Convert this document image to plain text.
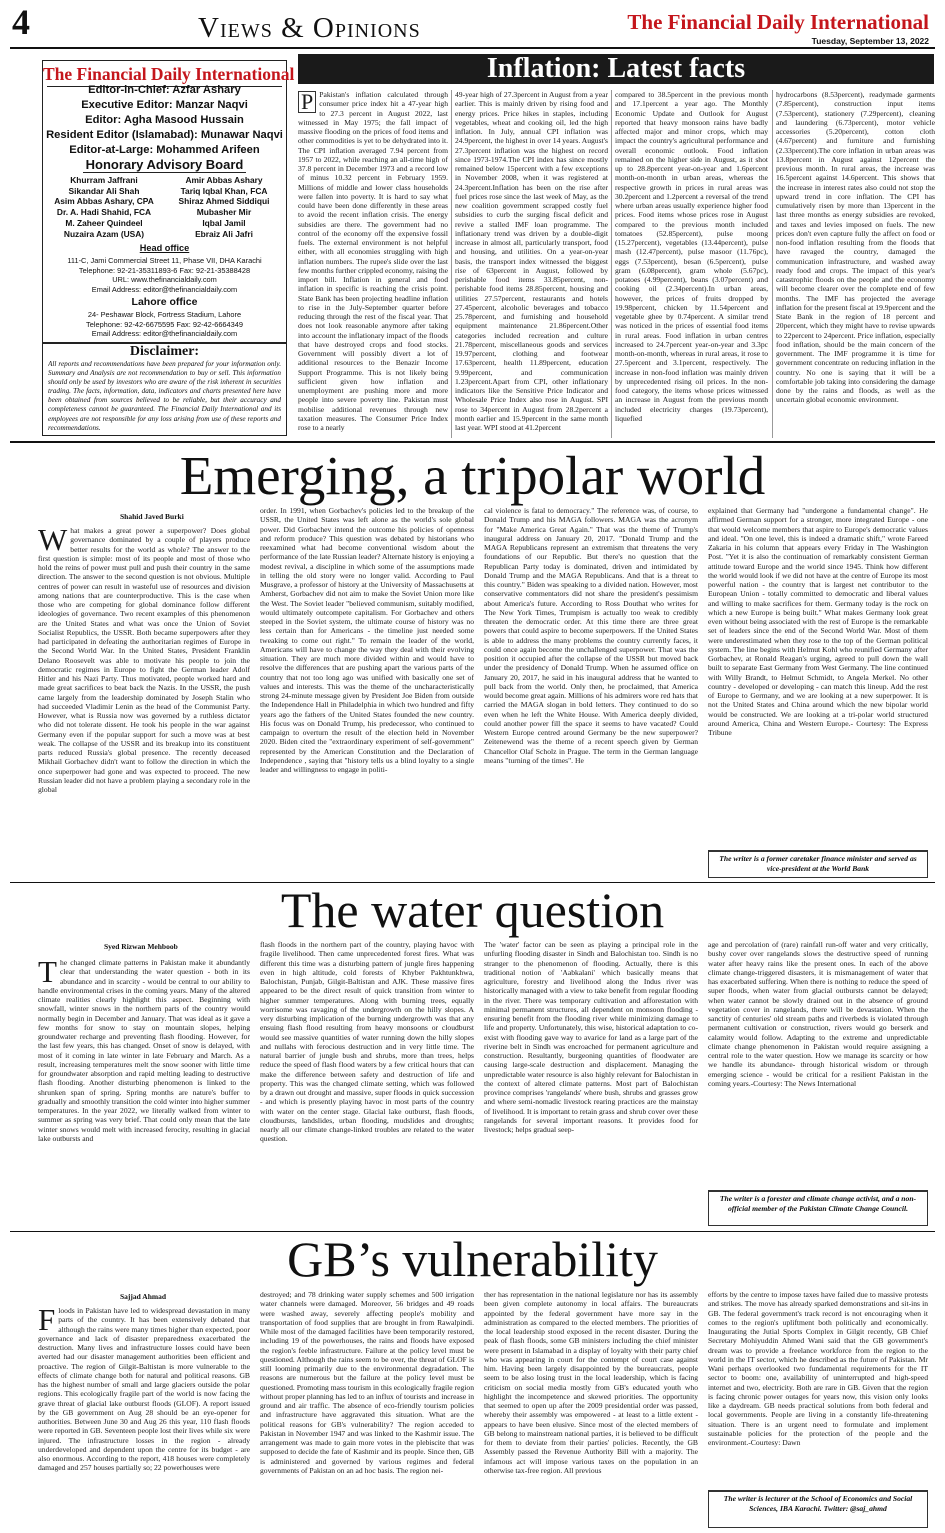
4	Views & Opinions	The Financial Daily International
Tuesday, September 13, 2022
The Financial Daily International
Editor-in-Chief: Azfar Ashary
Executive Editor: Manzar Naqvi
Editor: Agha Masood Hussain
Resident Editor (Islamabad): Munawar Naqvi
Editor-at-Large: Mohammed Arifeen
Honorary Advisory Board
Khurram Jaffrani
Sikandar Ali Shah
Asim Abbas Ashary, CPA
Dr. A. Hadi Shahid, FCA
M. Zaheer Quindeel
Nuzaira Azam (USA)
Amir Abbas Ashary
Tariq Iqbal Khan, FCA
Shiraz Ahmed Siddiqui
Mubasher Mir
Iqbal Jamil
Ebraiz Ali Jafri
Head office
111-C, Jami Commercial Street 11, Phase VII, DHA Karachi
Telephone: 92-21-35311893-6 Fax: 92-21-35388428
URL: www.thefinancialdaily.com
Email Address: editor@thefinancialdaily.com
Lahore office
24- Peshawar Block, Fortress Stadium, Lahore
Telephone: 92-42-6675595 Fax: 92-42-6664349
Email Address: editor@thefinancialdaily.com
Disclaimer:
All reports and recommendations have been prepared for your information only. Summary and Analysis are not recommendation to buy or sell. This information should only be used by investors who are aware of the risk inherent in securities trading. The facts, information, data, indicators and charts presented here have been obtained from sources believed to be reliable, but their accuracy and completeness cannot be guaranteed. The Financial Daily International and its employees are not responsible for any loss arising from use of these reports and recommendations.
Inflation: Latest facts
P Pakistan's inflation calculated through consumer price index hit a 47-year high to 27.3 percent in August 2022, last witnessed in May 1975; the fall impact of massive flooding on the prices of food items and other commodities is yet to be dehydrated into it. The CPI inflation averaged 7.94 percent from 1957 to 2022, while reaching an all-time high of 37.8 percent in December 1973 and a record low of minus 10.32 percent in February 1959. Millions of middle and lower class households were fallen into poverty. It is hard to say what could have been done differently in these areas to avoid the recent inflation crisis. The energy subsidies are there. The government had no control of the economy off the expensive fossil fuels. The external environment is not helpful either, with all economies struggling with high inflation numbers. The rupee's slide over the last few months further crippled economy, raising the import bill. Inflation in general and food inflation in specific is reaching the crisis point. State Bank has been projecting headline inflation to rise in the July-September quarter before reducing through the rest of the fiscal year. That does not look reasonable anymore after taking into account the inflationary impact of the floods that have destroyed crops and food stocks. Government will possibly divert a lot of additional resources to the Benazir Income Support Programme. This is not likely being sufficient given how inflation and unemployment are pushing more and more people into severe poverty line. Pakistan must mobilise additional revenues through new taxation measures. The Consumer Price Index rose to a nearly
49-year high of 27.3percent in August from a year earlier. This is mainly driven by rising food and energy prices. Price hikes in staples, including vegetables, wheat and cooking oil, led the high inflation. In July, annual CPI inflation was 24.9percent, the highest in over 14 years. August's 27.3percent inflation was the highest on record since 1973-1974.The CPI index has since mostly remained below 15percent with a few exceptions in November 2008, when it was registered at 24.3percent.Inflation has been on the rise after fuel prices rose since the last week of May, as the new coalition government scrapped costly fuel subsidies to curb the surging fiscal deficit and revive a stalled IMF loan programme. The inflationary trend was driven by a double-digit increase in almost all, particularly transport, food and housing, and utilities. On a year-on-year basis, the transport index witnessed the biggest rise of 63percent in August, followed by perishable food items 33.85percent, non-perishable food items 28.85percent, housing and utilities 27.57percent, restaurants and hotels 27.45percent, alcoholic beverages and tobacco 25.78percent, and furnishing and household equipment maintenance 21.86percent.Other categories included recreation and culture 21.78percent, miscellaneous goods and services 19.97percent, clothing and footwear 17.63percent, health 11.89percent, education 9.99percent, and communication 1.23percent.Apart from CPI, other inflationary indicators like the Sensitive Price Indicator and Wholesale Price Index also rose in August. SPI rose to 34percent in August from 28.2percent a month earlier and 15.9percent in the same month last year. WPI stood at 41.2percent
compared to 38.5percent in the previous month and 17.1percent a year ago. The Monthly Economic Update and Outlook for August reported that heavy monsoon rains have badly affected major and minor crops, which may impact the country's agricultural performance and overall economic outlook. Food inflation remained on the higher side in August, as it shot up to 28.8percent year-on-year and 1.6percent month-on-month in urban areas, whereas the respective growth in prices in rural areas was 30.2percent and 1.2percent a reversal of the trend where urban areas usually experience higher food prices. Food items whose prices rose in August compared to the previous month included tomatoes (52.85percent), pulse moong (15.27percent), vegetables (13.44percent), pulse mash (12.47percent), pulse masoor (11.76pc), eggs (7.53percent), besan (6.5percent), pulse gram (6.08percent), gram whole (5.67pc), potatoes (4.99percent), beans (3.07percent) and cooking oil (2.34percent).In urban areas, however, the prices of fruits dropped by 19.98percent, chicken by 11.54percent and vegetable ghee by 0.74percent. A similar trend was noticed in the prices of essential food items in rural areas. Food inflation in urban centres increased to 24.7percent year-on-year and 3.3pc month-on-month, whereas in rural areas, it rose to 27.5percent and 3.1percent, respectively. The increase in non-food inflation was mainly driven by unprecedented rising oil prices. In the non-food category, the items whose prices witnessed an increase in August from the previous month included electricity charges (19.73percent), liquefied
hydrocarbons (8.53percent), readymade garments (7.85percent), construction input items (7.53percent), stationery (7.29percent), cleaning and laundering (6.73percent), motor vehicle accessories (5.20percent), cotton cloth (4.67percent) and furniture and furnishing (2.33percent).The core inflation in urban areas was 13.8percent in August against 12percent the previous month. In rural areas, the increase was 16.5percent against 14.6percent. This shows that the increase in interest rates also could not stop the upward trend in core inflation. The CPI has cumulatively risen by more than 13percent in the last three months as energy subsidies are revoked, and taxes and levies imposed on fuels. The new prices don't even capture fully the affect on food or non-food inflation resulting from the floods that have ravaged the country, damaged the communication infrastructure, and washed away ready food and crops. The impact of this year's catastrophic floods on the people and the economy will become clearer over the complete end of few months. The IMF has projected the average inflation for the present fiscal at 19.9percent and the State Bank in the region of 18 percent and 20percent, which they might have to revise upwards to 22percent to 24percent. Price inflation, especially food inflation, should be the main concern of the government. The IMF programme it is time for government concentrate on reducing inflation in the country. No one is saying that it will be a comfortable job taking into considering the damage done by the rains and floods, as well as the uncertain global economic environment.
Emerging, a tripolar world
Shahid Javed Burki
What makes a great power a superpower? Does global governance dominated by a couple of players produce better results for the world as whole? The answer to the first question is simple: most of its people and most of those who hold the reins of power must pull and push their country in the same direction. The answer to the second question is not obvious. Multiple centres of power can result in wasteful use of resources and division among nations that are counterproductive. This is the case when those who are competing for global dominance follow different ideologies of governance. Two recent examples of this phenomenon are the United States and what was once the Union of Soviet Socialist Republics, the USSR. Both became superpowers after they had participated in defeating the authoritarian regimes of Europe in the Second World War. In the United States, President Franklin Delano Roosevelt was able to motivate his people to join the democratic regimes in Europe to fight the German leader Adolf Hitler and his Nazi Party. Thus motivated, people worked hard and made great sacrifices to beat back the Nazis. In the USSR, the push came largely from the leadership dominated by Joseph Stalin who had succeeded Vladimir Lenin as the head of the Communist Party. However, what is Russia now was governed by a ruthless dictator who did not tolerate dissent. He took his people in the war against Germany even if the popular support for such a move was at best weak. The collapse of the USSR and its breakup into its constituent parts reduced Russia's global presence. The recently deceased Mikhail Gorbachev didn't want to follow the direction in which the once superpower had gone and was expected to proceed. The new Russian leader did not have a problem playing a secondary role in the global
order. In 1991, when Gorbachev's policies led to the breakup of the USSR, the United States was left alone as the world's sole global power. Did Gorbachev intend the outcome his policies of openness and reform produce? This question was debated by historians who reexamined what had become conventional wisdom about the performance of the late Russian leader? Alternate history is enjoying a modest revival, a discipline in which some of the assumptions made in telling the old story were no longer valid. According to Paul Musgrave, a professor of history at the University of Massachusetts at Amherst, Gorbachev did not aim to make the Soviet Union more like the West. The Soviet leader "believed communism, suitably modified, would ultimately outcompete capitalism. For Gorbachev and others steeped in the Soviet system, the ultimate course of history was no less certain than for Americans - the timeline just needed some tweaking to come out right." To remain the leader of the world, Americans will have to change the way they deal with their evolving situation. They are much more divided within and would have to resolve the differences that are pushing apart the various parts of the country that not too long ago was unified with basically one set of values and interests. This was the theme of the uncharacteristically strong 24-minute message given by President Joe Biden from outside the Independence Hall in Philadelphia in which two hundred and fifty years ago the fathers of the United States founded the new country. His focus was on Donald Trump, his predecessor, who continued to campaign to overturn the result of the election held in November 2020. Biden cited the "extraordinary experiment of self-government" represented by the American Constitution and the Declaration of Independence , saying that "history tells us a blind loyalty to a single leader and willingness to engage in politi-
cal violence is fatal to democracy." The reference was, of course, to Donald Trump and his MAGA followers. MAGA was the acronym for "Make America Great Again." That was the theme of Trump's inaugural address on January 20, 2017. "Donald Trump and the MAGA Republicans represent an extremism that threatens the very foundations of our Republic. But there's no question that the Republican Party today is dominated, driven and intimidated by Donald Trump and the MAGA Republicans. And that is a threat to this country." Biden was speaking to a divided nation. However, most conservative commentators did not share the president's pessimism about America's future. According to Ross Douthat who writes for The New York Times, Trumpism is actually too weak to credibly threaten the democratic order. At this time there are three great powers that could aspire to become superpowers. If the United States is able to address the many problems the country currently faces, it could once again become the unchallenged superpower. That was the position it occupied after the collapse of the USSR but moved back under the presidency of Donald Trump. When he assumed office on January 20, 2017, he said in his inaugural address that he wanted to pull back from the world. Only then, he proclaimed, that America would become great again. Millions of his admirers wore red hats that carried the MAGA slogan in bold letters. They continued to do so even when he left the White House. With America deeply divided, could another power fill the space it seems to have vacated? Could Western Europe centred around Germany be the new superpower? Zeitenewend was the theme of a recent speech given by German Chancellor Olaf Scholz in Prague. The term in the German language means "turning of the times". He
explained that Germany had "undergone a fundamental change". He affirmed German support for a stronger, more integrated Europe - one that would welcome members that aspire to Europe's democratic values and ideal. "On one level, this is indeed a dramatic shift," wrote Fareed Zakaria in his column that appears every Friday in The Washington Post. "Yet it is also the continuation of remarkably consistent German attitude toward Europe and the world since 1945. Think how different the world would look if we did not have at the centre of Europe its most powerful nation - the country that is largest net contributor to the European Union - totally committed to democratic and liberal values and willing to make sacrifices for them. Germany today is the rock on which a new Europe is being built." What makes Germany look great even without being associated with the rest of Europe is the remarkable set of leaders since the end of the Second World War. Most of them were underestimated when they rose to the top of the German political system. The line begins with Helmut Kohl who reunified Germany after Gorbachev, at Ronald Reagan's urging, agreed to pull down the wall built to separate East Germany from West Germany. The line continued with Willy Brandt, to Helmut Schmidt, to Angela Merkel. No other country - developed or developing - can match this lineup. Add the rest of Europe to Germany, and we are looking at a new superpower. It is not the United States and China around which the new bipolar world would be constructed. We are looking at a tri-polar world structured around America, China and Western Europe.- Courtesy: The Express Tribune
The writer is a former caretaker finance minister and served as vice-president at the World Bank
The water question
Syed Rizwan Mehboob
The changed climate patterns in Pakistan make it abundantly clear that understanding the water question - both in its abundance and in scarcity - would be central to our ability to handle environmental crises in the coming years. Many of the altered climate realities clearly highlight this aspect. Beginning with snowfall, winter snows in the northern parts of the country would normally begin in December and January. That was ideal as it gave a few months for snow to stay on mountain slopes, helping groundwater recharge and preventing flash flooding. However, for the last few years, this has changed. Onset of snow is delayed, with most of it coming in late winter in late February and March. As a result, increasing temperatures melt the snow sooner with little time for groundwater absorption and rapid melting leading to destructive flash flooding. Another disturbing phenomenon is linked to the shrunken span of spring. Spring months are nature's buffer to gradually and smoothly transition the cold winter into higher summer temperatures. In the year 2022, we literally walked from winter to summer as spring was very brief. That could only mean that the late winter snows would melt with increased ferocity, resulting in glacial lake outbursts and
flash floods in the northern part of the country, playing havoc with fragile livelihood. Then came unprecedented forest fires. What was different this time was a disturbing pattern of jungle fires happening even in high altitude, cold forests of Khyber Pakhtunkhwa, Balochistan, Punjab, Gilgit-Baltistan and AJK. These massive fires appeared to be the direct result of quick transition from winter to higher summer temperatures. Along with burning trees, equally worrisome was ravaging of the undergrowth on the hilly slopes. A very disturbing implication of the burning undergrowth was that any ensuing flash flood resulting from heavy monsoons or cloudburst would see massive quantities of water running down the hilly slopes and nullahs with ferocious destruction and in very little time. The natural barrier of jungle bush and shrubs, more than trees, helps reduce the speed of flash flood waters by a few critical hours that can make the difference between safety and destruction of life and property. This was the changed climate setting, which was followed by a drawn out drought and massive, super floods in quick succession - and which is presently playing havoc in most parts of the country with water on the center stage. Glacial lake outburst, flash floods, cloudbursts, landslides, urban flooding, mudslides and droughts; nearly all our climate change-linked troubles are related to the water question.
The 'water' factor can be seen as playing a principal role in the unfurling flooding disaster in Sindh and Balochistan too. Sindh is no stranger to the phenomenon of flooding. Actually, there is this traditional notion of 'Aabkalani' which basically means that agriculture, forestry and livelihood along the Indus river was historically managed with a view to take benefit from regular flooding in the river. There was temporary cultivation and afforestation with minimal permanent structures, all dependent on monsoon flooding - ensuring benefit from the flooding river while minimizing damage to life and property. Unfortunately, this wise, historical adaptation to co-exist with flooding gave way to avarice for land as a large part of the riverine belt in Sindh was encroached for permanent agriculture and construction. Resultantly, burgeoning quantities of floodwater are causing large-scale destruction and displacement. Managing the unpredictable water resource is also highly relevant for Balochistan in the context of altered climate patterns. Most part of Balochistan province comprises 'rangelands' where bush, shrubs and grasses grow and where semi-nomadic livestock rearing practices are the mainstay of livelihood. It is important to retain grass and shrub cover over these rangelands for several important reasons. It provides food for livestock; helps gradual seep-
age and percolation of (rare) rainfall run-off water and very critically, bushy cover over rangelands slows the destructive speed of running water after heavy rains like the present ones. In each of the above climate change-triggered disasters, it is mismanagement of water that has exacerbated suffering. When there is nothing to reduce the speed of super floods, when water from glacial outbursts cannot be delayed; when water cannot be slowly drained out in the absence of ground vegetation cover in rangelands, there will be devastation. When the sanctity of centuries' old stream paths and riverbeds is violated through permanent cultivation or construction, rivers would go berserk and calamity would follow. Adapting to the extreme and unpredictable climate change phenomenon in Pakistan would require assigning a central role to the water question. How we manage its scarcity or how we handle its abundance- through historical wisdom or through emerging science - would be critical for a resilient Pakistan in the coming years.-Courtesy: The News International
The writer is a forester and climate change activist, and a non-official member of the Pakistan Climate Change Council.
GB’s vulnerability
Sajjad Ahmad
Floods in Pakistan have led to widespread devastation in many parts of the country. It has been extensively debated that although the rains were many times higher than expected, poor governance and lack of disaster preparedness exacerbated the destruction. Many lives and infrastructure losses could have been averted had our disaster management authorities been efficient and proactive. The region of Gilgit-Baltistan is more vulnerable to the effects of climate change both for natural and political reasons. GB has the highest number of small and large glaciers outside the polar regions. This ecologically fragile part of the world is now facing the grave threat of glacial lake outburst floods (GLOF). A report issued by the GB government on Aug 28 should be an eye-opener for authorities. Between June 30 and Aug 26 this year, 110 flash floods were reported in GB. Seventeen people lost their lives while six were injured. The infrastructure losses in the region - already underdeveloped and dependent upon the centre for its budget - are also enormous. According to the report, 418 houses were completely damaged and 257 houses partially so; 22 powerhouses were
destroyed; and 78 drinking water supply schemes and 500 irrigation water channels were damaged. Moreover, 56 bridges and 49 roads were washed away, severely affecting people's mobility and transportation of food supplies that are brought in from Rawalpindi. While most of the damaged facilities have been temporarily restored, including 19 of the powerhouses, the rains and floods have exposed the region's feeble infrastructure. Failure at the policy level must be questioned. Although the rains seem to be over, the threat of GLOF is still looming primarily due to the environmental degradation. The reasons are numerous but the failure at the policy level must be questioned. Promoting mass tourism in this ecologically fragile region without proper planning has led to an influx of tourists and increase in ground and air traffic. The absence of eco-friendly tourism policies and infrastructure have aggravated this situation. What are the political reasons for GB's vulnerability? The region acceded to Pakistan in November 1947 and was linked to the Kashmir issue. The arrangement was made to gain more votes in the plebiscite that was supposed to decide the fate of Kashmir and its people. Since then, GB is administered and governed by various regimes and federal governments of Pakistan on an ad hoc basis. The region nei-
ther has representation in the national legislature nor has its assembly been given complete autonomy in local affairs. The bureaucrats appointed by the federal government have more say in the administration as compared to the elected members. The priorities of the local leadership stood exposed in the recent disaster. During the peak of flash floods, some GB ministers including the chief minister were present in Islamabad in a display of loyalty with their party chief who was appearing in court for the contempt of court case against him. Having been largely disappointed by the bureaucrats, people seem to be also losing trust in the local leadership, which is facing criticism on social media mostly from GB's educated youth who highlight the incompetence and skewed priorities. The opportunity that seemed to open up after the 2009 presidential order was passed, whereby their assembly was empowered - at least to a little extent - appears to have been elusive. Since most of the elected members of GB belong to mainstream national parties, it is believed to be difficult for them to deviate from their parties' policies. Recently, the GB Assembly passed the Revenue Authority Bill with a majority. The infamous act will impose various taxes on the population in an otherwise tax-free region. All previous
efforts by the centre to impose taxes have failed due to massive protests and strikes. The move has already sparked demonstrations and sit-ins in GB. The federal government's track record is not encouraging when it comes to the region's upliftment both politically and economically. Inaugurating the Jutial Sports Complex in Gilgit recently, GB Chief Secretary Mohiyuddin Ahmed Wani said that the GB government's dream was to provide a freelance workforce from the region to the world in the IT sector, which he described as the future of Pakistan. Mr Wani perhaps overlooked two fundamental requirements for the IT sector to boom: one, availability of uninterrupted and high-speed internet and two, electricity. Both are rare in GB. Given that the region is facing chronic power outages for years now, this vision only looks like a daydream. GB needs practical solutions from both federal and local governments. People are living in a constantly life-threatening situation. There is an urgent need to formulate and implement sustainable policies for the protection of the people and the environment.-Courtesy: Dawn
The writer is lecturer at the School of Economics and Social Sciences, IBA Karachi. Twitter: @saj_ahmd
